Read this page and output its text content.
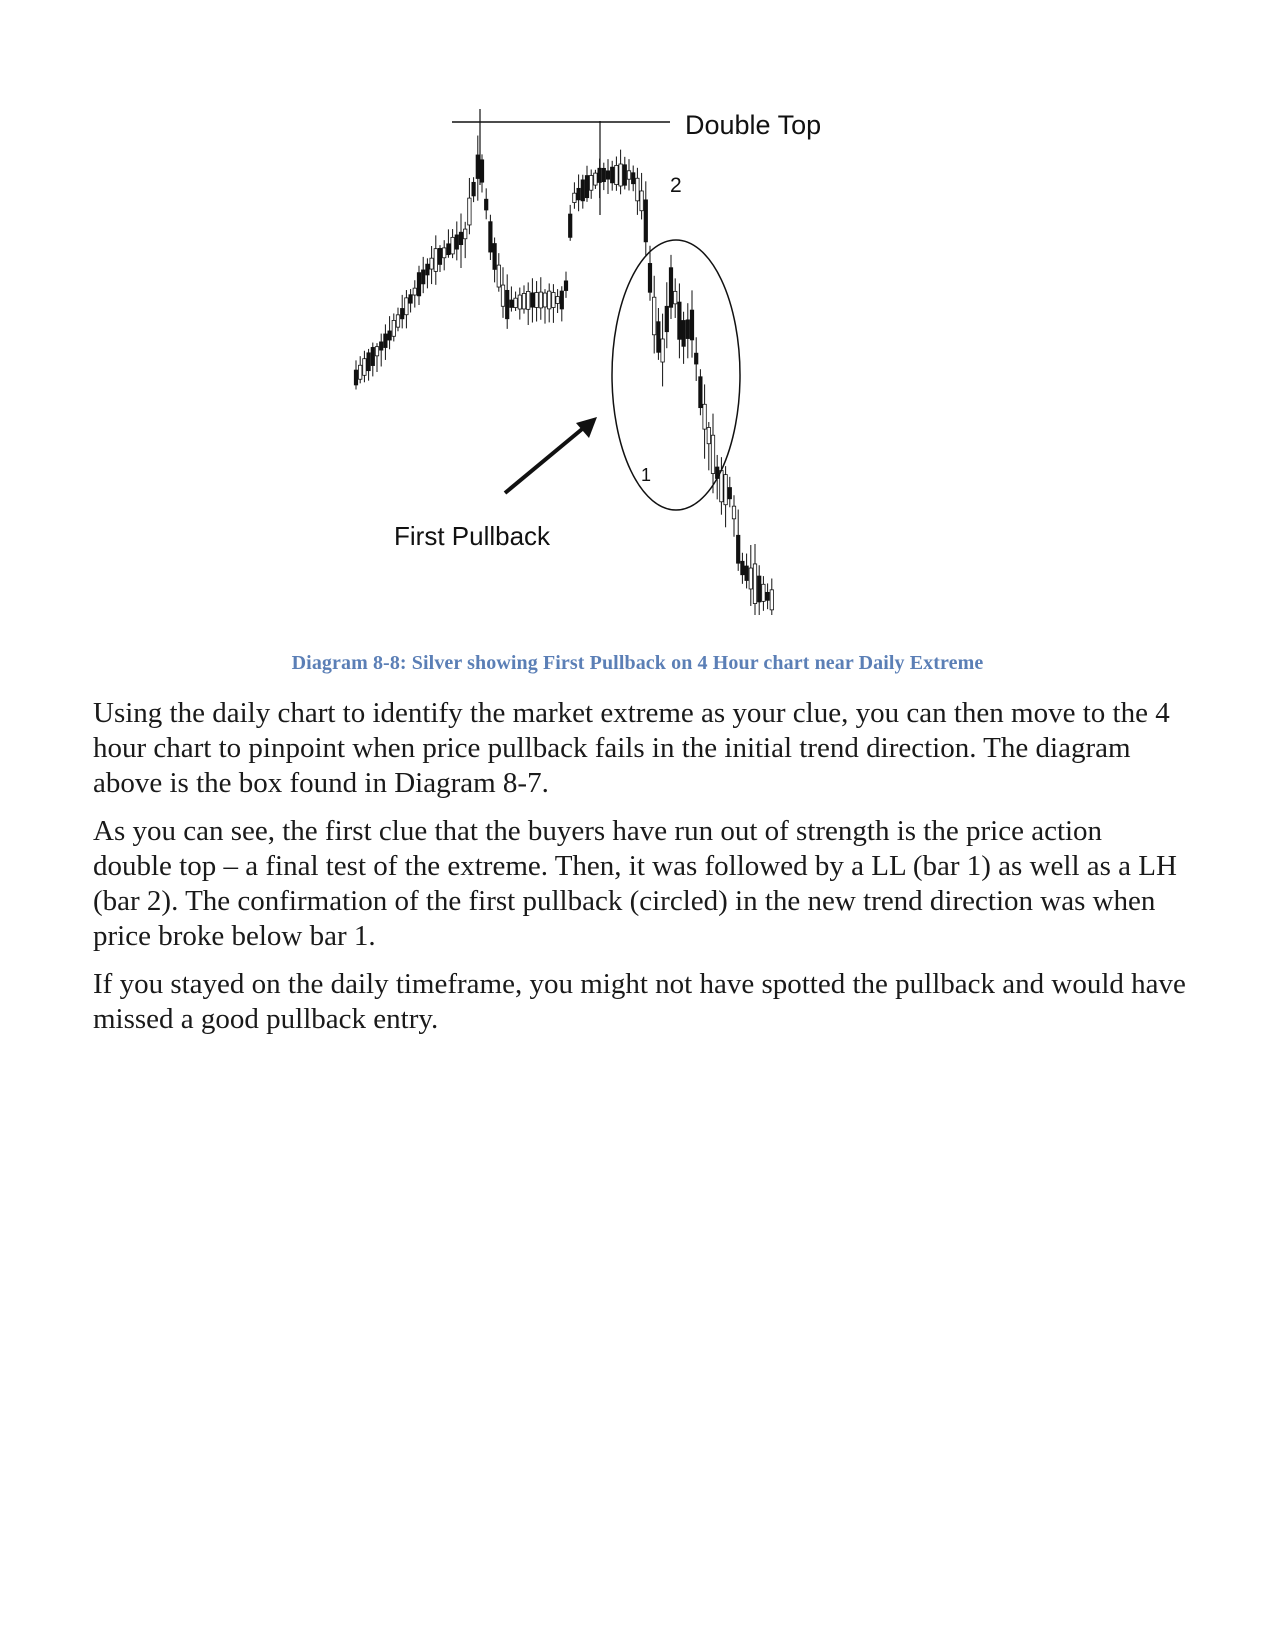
Double Top
2
1
First Pullback
Diagram 8-8: Silver showing First Pullback on 4 Hour chart near Daily Extreme

Using the daily chart to identify the market extreme as your clue, you can then move to the 4 hour chart to pinpoint when price pullback fails in the initial trend direction. The diagram above is the box found in Diagram 8-7.

As you can see, the first clue that the buyers have run out of strength is the price action double top – a final test of the extreme. Then, it was followed by a LL (bar 1) as well as a LH (bar 2). The confirmation of the first pullback (circled) in the new trend direction was when price broke below bar 1.

If you stayed on the daily timeframe, you might not have spotted the pullback and would have missed a good pullback entry.
